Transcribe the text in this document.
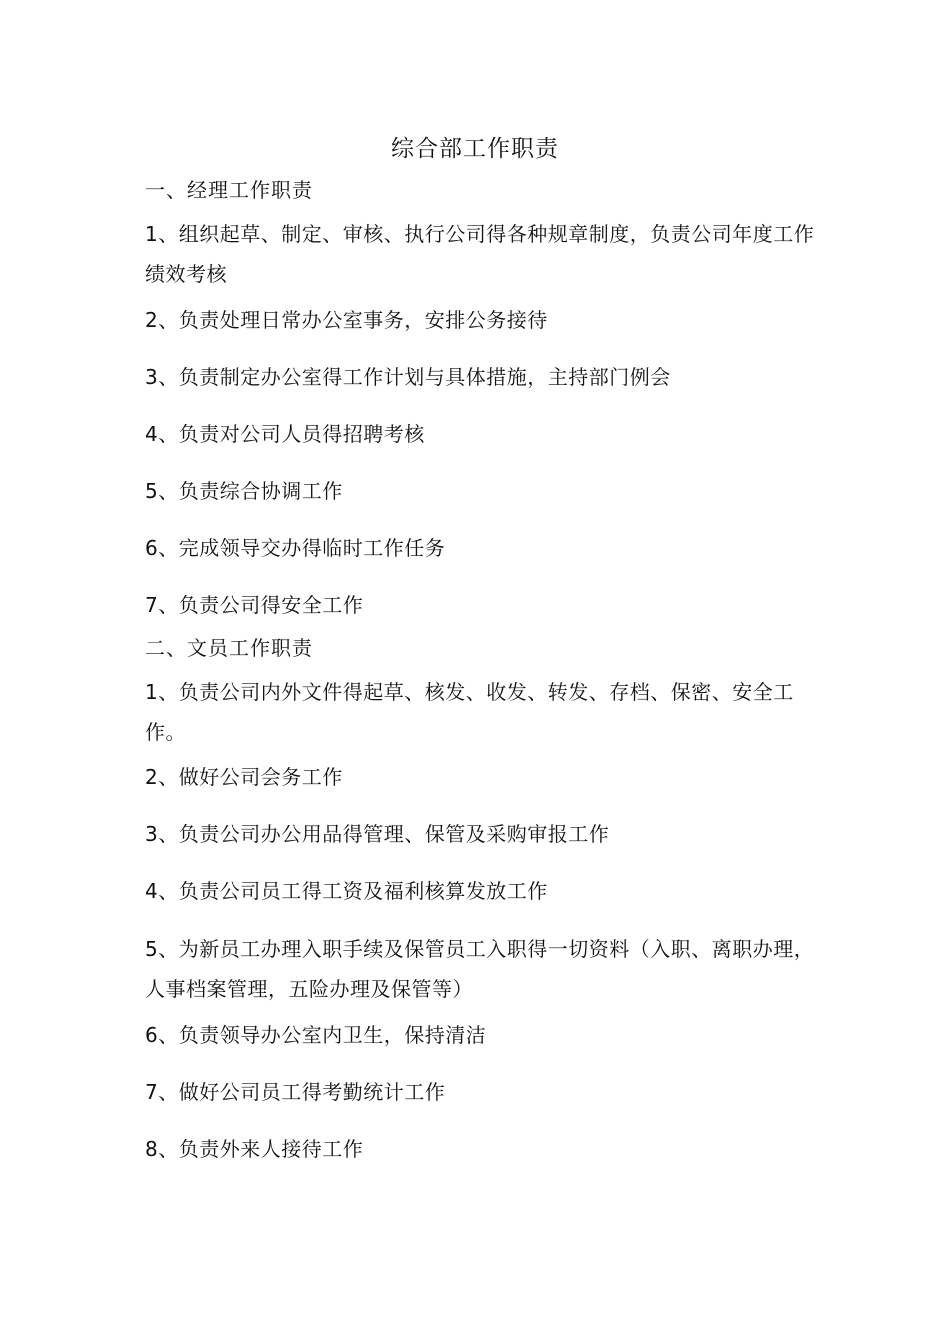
综合部工作职责
一、经理工作职责
1、组织起草、制定、审核、执行公司得各种规章制度，负责公司年度工作绩效考核
2、负责处理日常办公室事务，安排公务接待
3、负责制定办公室得工作计划与具体措施，主持部门例会
4、负责对公司人员得招聘考核
5、负责综合协调工作
6、完成领导交办得临时工作任务
7、负责公司得安全工作
二、文员工作职责
1、负责公司内外文件得起草、核发、收发、转发、存档、保密、安全工作。
2、做好公司会务工作
3、负责公司办公用品得管理、保管及采购审报工作
4、负责公司员工得工资及福利核算发放工作
5、为新员工办理入职手续及保管员工入职得一切资料（入职、离职办理，人事档案管理，五险办理及保管等）
6、负责领导办公室内卫生，保持清洁
7、做好公司员工得考勤统计工作
8、负责外来人接待工作
